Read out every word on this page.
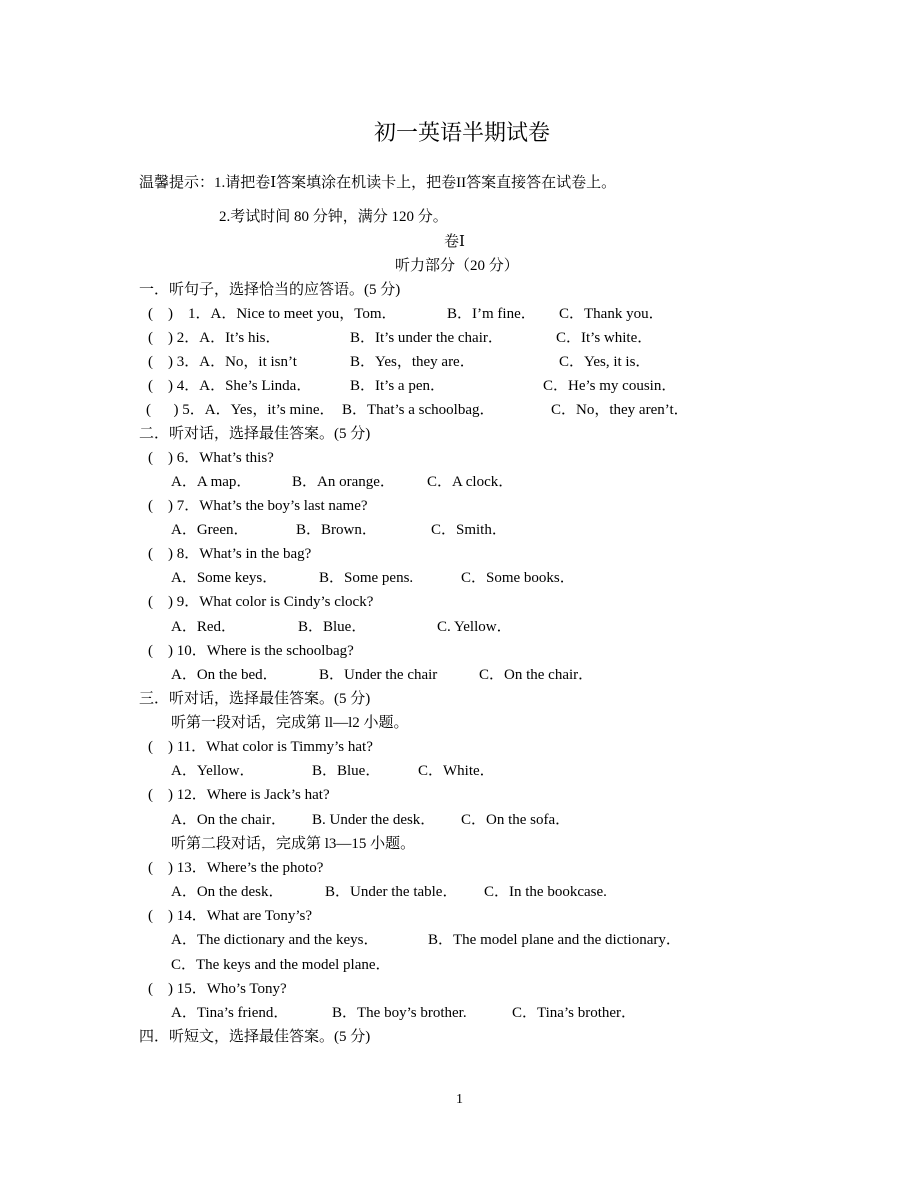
初一英语半期试卷
温馨提示：1.请把卷Ⅰ答案填涂在机读卡上，把卷II答案直接答在试卷上。
2.考试时间 80 分钟，满分 120 分。
卷Ⅰ
听力部分（20 分）
一．听句子，选择恰当的应答语。(5 分)
(    )    1．A．Nice to meet you，Tom．	B．I’m fine． C．Thank you．
(    ) 2．A．It’s his．	B．It’s under the chair．	C．It’s white．
(    ) 3．A．No，it isn’t	B．Yes，they are．	C．Yes, it is．
(    ) 4．A．She’s Linda．	B．It’s a pen．	C．He’s my cousin．
(      ) 5．A．Yes，it’s mine． B．That’s a schoolbag．	C．No，they aren’t．
二．听对话，选择最佳答案。(5 分)
(    ) 6．What’s this?
A．A map．	B．An orange． C．A clock．
(    ) 7．What’s the boy’s last name?
A．Green．	B．Brown．	C．Smith．
(    ) 8．What’s in the bag?
A．Some keys．	B．Some pens.	C．Some books．
(    ) 9．What color is Cindy’s clock?
A．Red．	B．Blue．	C. Yellow．
(    ) 10．Where is the schoolbag?
A．On the bed．	B．Under the chair	C．On the chair．
三．听对话，选择最佳答案。(5 分)
听第一段对话，完成第 ll—l2 小题。
(    ) 11．What color is Timmy’s hat?
A．Yellow．	B．Blue．	C．White．
(    ) 12．Where is Jack’s hat?
A．On the chair． B. Under the desk． C．On the sofa．
听第二段对话，完成第 l3—15 小题。
(    ) 13．Where’s the photo?
A．On the desk．	B．Under the table． C．In the bookcase.
(    ) 14．What are Tony’s?
A．The dictionary and the keys．	B．The model plane and the dictionary．
C．The keys and the model plane．
(    ) 15．Who’s Tony?
A．Tina’s friend．	B．The boy’s brother.	C．Tina’s brother．
四．听短文，选择最佳答案。(5 分)
1
